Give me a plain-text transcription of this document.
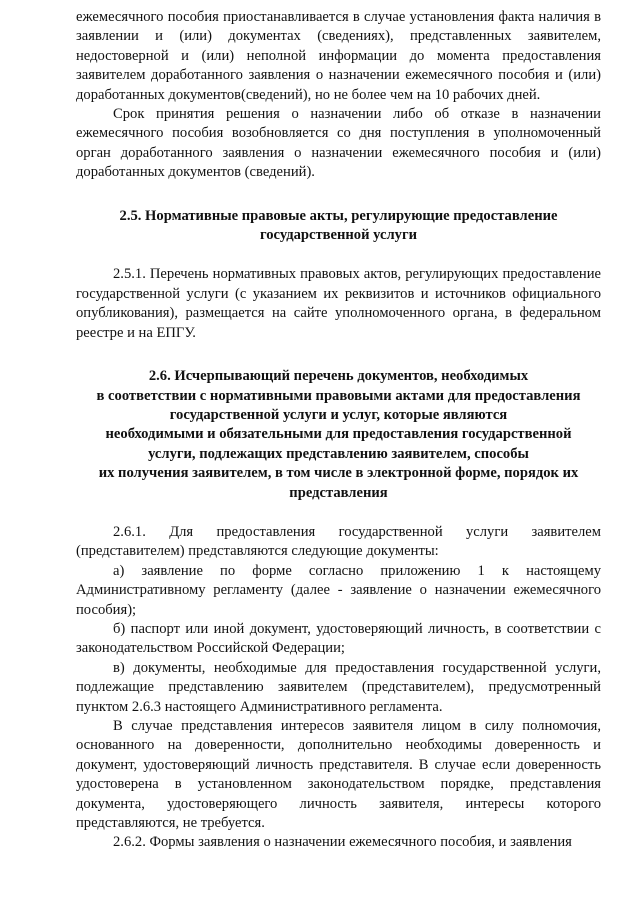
ежемесячного пособия приостанавливается в случае установления факта наличия в заявлении и (или) документах (сведениях), представленных заявителем, недостоверной и (или) неполной информации до момента предоставления заявителем доработанного заявления о назначении ежемесячного пособия и (или) доработанных документов(сведений), но не более чем на 10 рабочих дней.

Срок принятия решения о назначении либо об отказе в назначении ежемесячного пособия возобновляется со дня поступления в уполномоченный орган доработанного заявления о назначении ежемесячного пособия и (или) доработанных документов (сведений).

2.5. Нормативные правовые акты, регулирующие предоставление
государственной услуги

2.5.1. Перечень нормативных правовых актов, регулирующих предоставление государственной услуги (с указанием их реквизитов и источников официального опубликования), размещается на сайте уполномоченного органа, в федеральном реестре и на ЕПГУ.

2.6. Исчерпывающий перечень документов, необходимых
в соответствии с нормативными правовыми актами для предоставления
государственной услуги и услуг, которые являются
необходимыми и обязательными для предоставления государственной
услуги, подлежащих представлению заявителем, способы
их получения заявителем, в том числе в электронной форме, порядок их
представления

2.6.1. Для предоставления государственной услуги заявителем (представителем) представляются следующие документы:

а) заявление по форме согласно приложению 1 к настоящему Административному регламенту (далее - заявление о назначении ежемесячного пособия);

б) паспорт или иной документ, удостоверяющий личность, в соответствии с законодательством Российской Федерации;

в) документы, необходимые для предоставления государственной услуги, подлежащие представлению заявителем (представителем), предусмотренный пунктом 2.6.3 настоящего Административного регламента.

В случае представления интересов заявителя лицом в силу полномочия, основанного на доверенности, дополнительно необходимы доверенность и документ, удостоверяющий личность представителя. В случае если доверенность удостоверена в установленном законодательством порядке, представления документа, удостоверяющего личность заявителя, интересы которого представляются, не требуется.

2.6.2. Формы заявления о назначении ежемесячного пособия, и заявления
